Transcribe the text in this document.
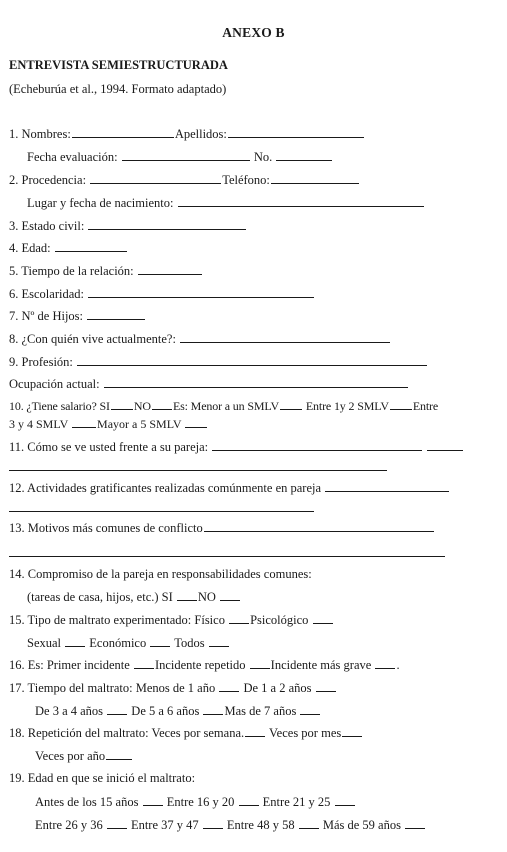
ANEXO B
ENTREVISTA SEMIESTRUCTURADA
(Echeburúa et al., 1994. Formato adaptado)
1. Nombres:	Apellidos:
Fecha evaluación:	No.
2. Procedencia:	Teléfono:
Lugar y fecha de nacimiento:
3. Estado civil:
4. Edad:
5. Tiempo de la relación:
6. Escolaridad:
7. Nº de Hijos:
8. ¿Con quién vive actualmente?:
9. Profesión:
Ocupación actual:
10. ¿Tiene salario? SI NO Es: Menor a un SMLV Entre 1y 2 SMLV Entre
3 y 4 SMLV Mayor a 5 SMLV
11. Cómo se ve usted frente a su pareja:
12. Actividades gratificantes realizadas comúnmente en pareja
13. Motivos más comunes de conflicto
14. Compromiso de la pareja en responsabilidades comunes:
(tareas de casa, hijos, etc.) SI NO
15. Tipo de maltrato experimentado: Físico Psicológico
Sexual Económico Todos
16. Es: Primer incidente Incidente repetido Incidente más grave .
17. Tiempo del maltrato: Menos de 1 año De 1 a 2 años
De 3 a 4 años De 5 a 6 años Mas de 7 años
18. Repetición del maltrato: Veces por semana. Veces por mes
Veces por año
19. Edad en que se inició el maltrato:
Antes de los 15 años Entre 16 y 20 Entre 21 y 25
Entre 26 y 36 Entre 37 y 47 Entre 48 y 58 Más de 59 años
